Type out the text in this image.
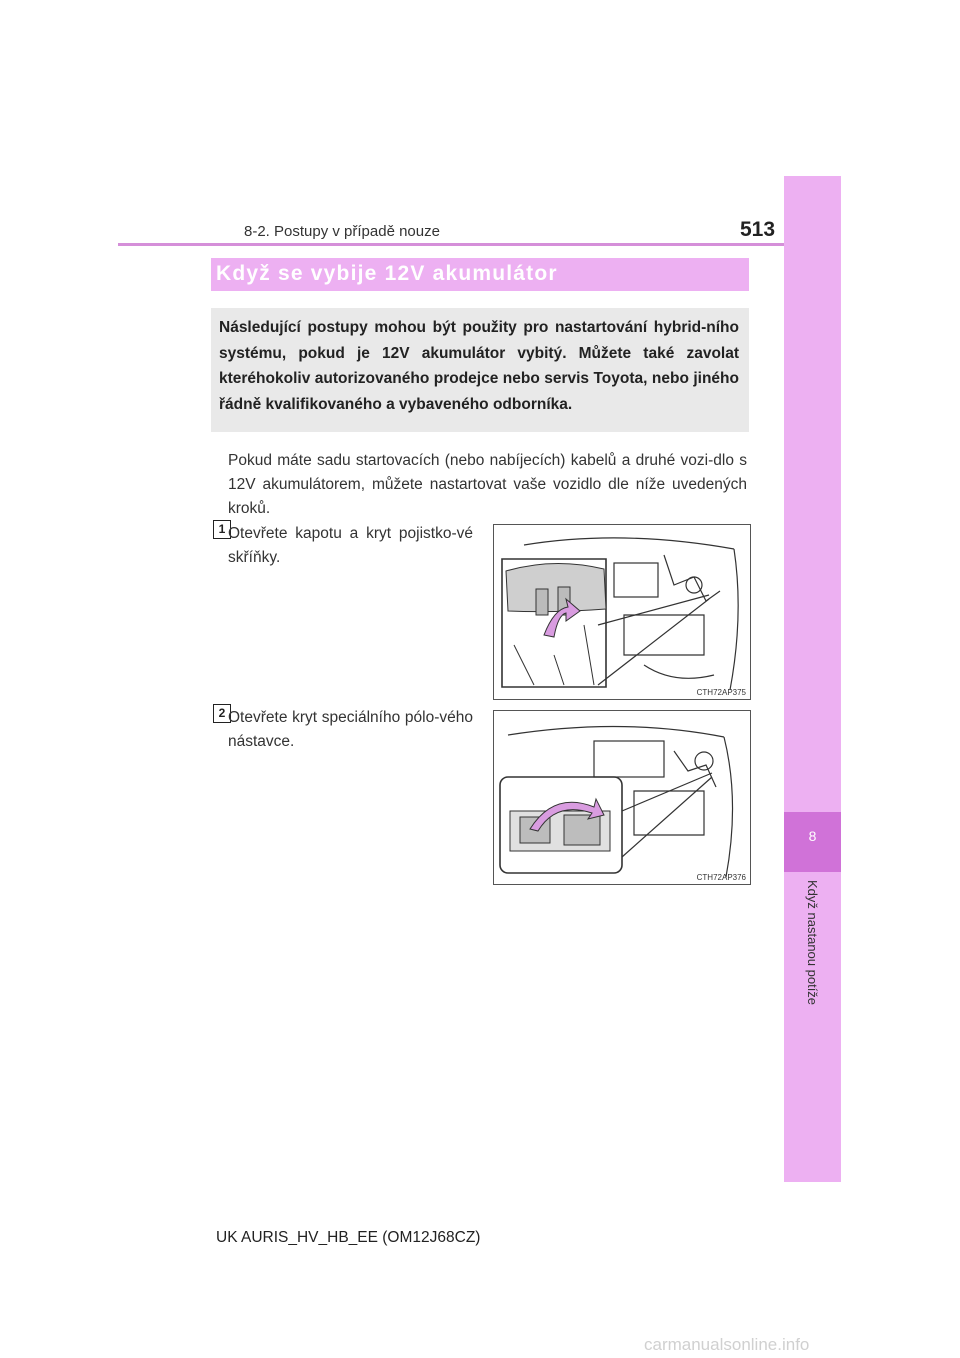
8-2. Postupy v případě nouze	513
8
Když nastanou potíže
Když se vybije 12V akumulátor
Následující postupy mohou být použity pro nastartování hybrid-ního systému, pokud je 12V akumulátor vybitý. Můžete také zavolat kteréhokoliv autorizovaného prodejce nebo servis Toyota, nebo jiného řádně kvalifikovaného a vybaveného odborníka.
Pokud máte sadu startovacích (nebo nabíjecích) kabelů a druhé vozi-dlo s 12V akumulátorem, můžete nastartovat vaše vozidlo dle níže uvedených kroků.
1 Otevřete kapotu a kryt pojistko-vé skříňky.
CTH72AP375
2 Otevřete kryt speciálního pólo-vého nástavce.
CTH72AP376
UK AURIS_HV_HB_EE (OM12J68CZ)
carmanualsonline.info
